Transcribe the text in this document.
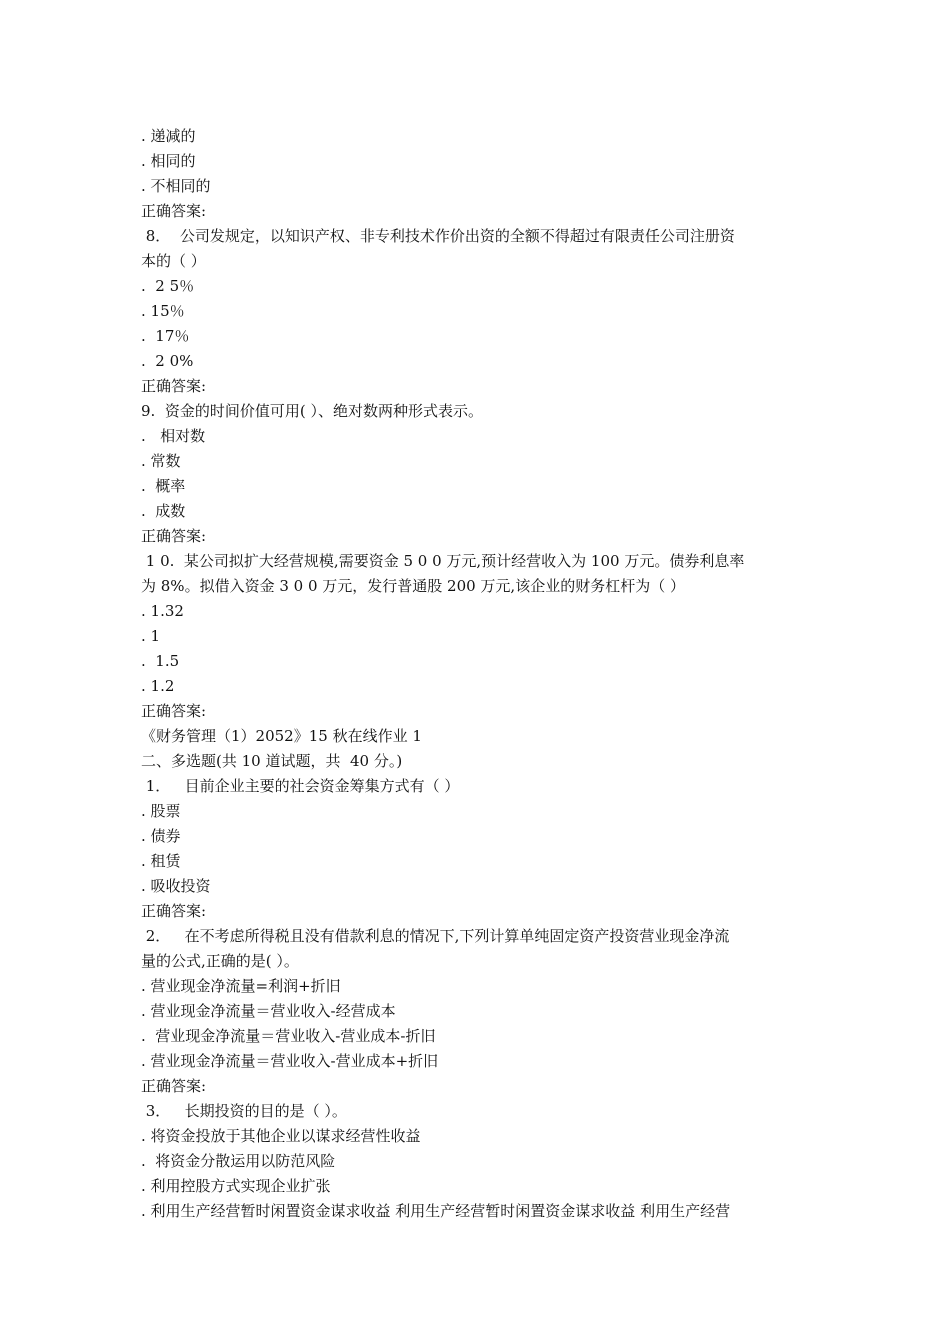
. 递减的
. 相同的
. 不相同的
正确答案:
8．  公司发规定，以知识产权、非专利技术作价出资的全额不得超过有限责任公司注册资
本的（ ）
.  2 5％
. 15％
.  17％
.  2 0%
正确答案:
9.  资金的时间价值可用( ）、绝对数两种形式表示。
.   相对数
. 常数
.  概率
.  成数
正确答案:
1 0.  某公司拟扩大经营规模,需要资金 5 0 0 万元,预计经营收入为 100 万元。债券利息率
为 8%。拟借入资金 3 0 0 万元，发行普通股 200 万元,该企业的财务杠杆为（ ）
. 1.32
. 1
.  1.5
. 1.2
正确答案:
《财务管理（1）2052》15 秋在线作业 1
二、多选题(共 10 道试题，共  40 分。)
1．   目前企业主要的社会资金筹集方式有（ ）
. 股票
. 债券
. 租赁
. 吸收投资
正确答案:
2．   在不考虑所得税且没有借款利息的情况下,下列计算单纯固定资产投资营业现金净流
量的公式,正确的是( ）。
. 营业现金净流量=利润+折旧
. 营业现金净流量＝营业收入-经营成本
.  营业现金净流量＝营业收入-营业成本-折旧
. 营业现金净流量＝营业收入-营业成本+折旧
正确答案:
3．   长期投资的目的是（ ）。
. 将资金投放于其他企业以谋求经营性收益
.  将资金分散运用以防范风险
. 利用控股方式实现企业扩张
. 利用生产经营暂时闲置资金谋求收益 利用生产经营暂时闲置资金谋求收益 利用生产经营
